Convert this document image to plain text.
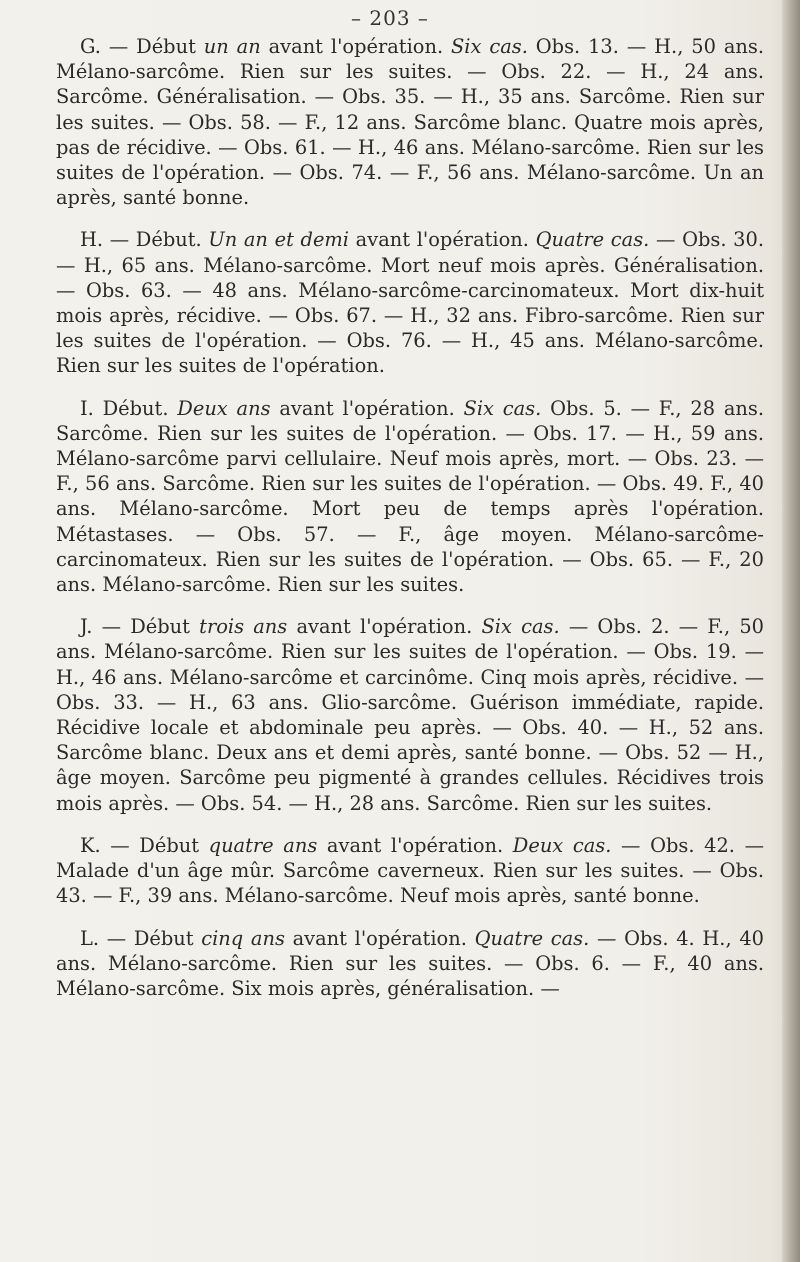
– 203 –

G. — Début un an avant l'opération. Six cas. Obs. 13. — H., 50 ans. Mélano-sarcôme. Rien sur les suites. — Obs. 22. — H., 24 ans. Sarcôme. Généralisation. — Obs. 35. — H., 35 ans. Sarcôme. Rien sur les suites. — Obs. 58. — F., 12 ans. Sarcôme blanc. Quatre mois après, pas de récidive. — Obs. 61. — H., 46 ans. Mélano-sarcôme. Rien sur les suites de l'opération. — Obs. 74. — F., 56 ans. Mélano-sarcôme. Un an après, santé bonne.

H. — Début. Un an et demi avant l'opération. Quatre cas. — Obs. 30. — H., 65 ans. Mélano-sarcôme. Mort neuf mois après. Généralisation. — Obs. 63. — 48 ans. Mélano-sarcôme-carcinomateux. Mort dix-huit mois après, récidive. — Obs. 67. — H., 32 ans. Fibro-sarcôme. Rien sur les suites de l'opération. — Obs. 76. — H., 45 ans. Mélano-sarcôme. Rien sur les suites de l'opération.

I. Début. Deux ans avant l'opération. Six cas. Obs. 5. — F., 28 ans. Sarcôme. Rien sur les suites de l'opération. — Obs. 17. — H., 59 ans. Mélano-sarcôme parvi cellulaire. Neuf mois après, mort. — Obs. 23. — F., 56 ans. Sarcôme. Rien sur les suites de l'opération. — Obs. 49. F., 40 ans. Mélano-sarcôme. Mort peu de temps après l'opération. Métastases. — Obs. 57. — F., âge moyen. Mélano-sarcôme-carcinomateux. Rien sur les suites de l'opération. — Obs. 65. — F., 20 ans. Mélano-sarcôme. Rien sur les suites.

J. — Début trois ans avant l'opération. Six cas. — Obs. 2. — F., 50 ans. Mélano-sarcôme. Rien sur les suites de l'opération. — Obs. 19. — H., 46 ans. Mélano-sarcôme et carcinôme. Cinq mois après, récidive. — Obs. 33. — H., 63 ans. Glio-sarcôme. Guérison immédiate, rapide. Récidive locale et abdominale peu après. — Obs. 40. — H., 52 ans. Sarcôme blanc. Deux ans et demi après, santé bonne. — Obs. 52 — H., âge moyen. Sarcôme peu pigmenté à grandes cellules. Récidives trois mois après. — Obs. 54. — H., 28 ans. Sarcôme. Rien sur les suites.

K. — Début quatre ans avant l'opération. Deux cas. — Obs. 42. — Malade d'un âge mûr. Sarcôme caverneux. Rien sur les suites. — Obs. 43. — F., 39 ans. Mélano-sarcôme. Neuf mois après, santé bonne.

L. — Début cinq ans avant l'opération. Quatre cas. — Obs. 4. H., 40 ans. Mélano-sarcôme. Rien sur les suites. — Obs. 6. — F., 40 ans. Mélano-sarcôme. Six mois après, généralisation. —
